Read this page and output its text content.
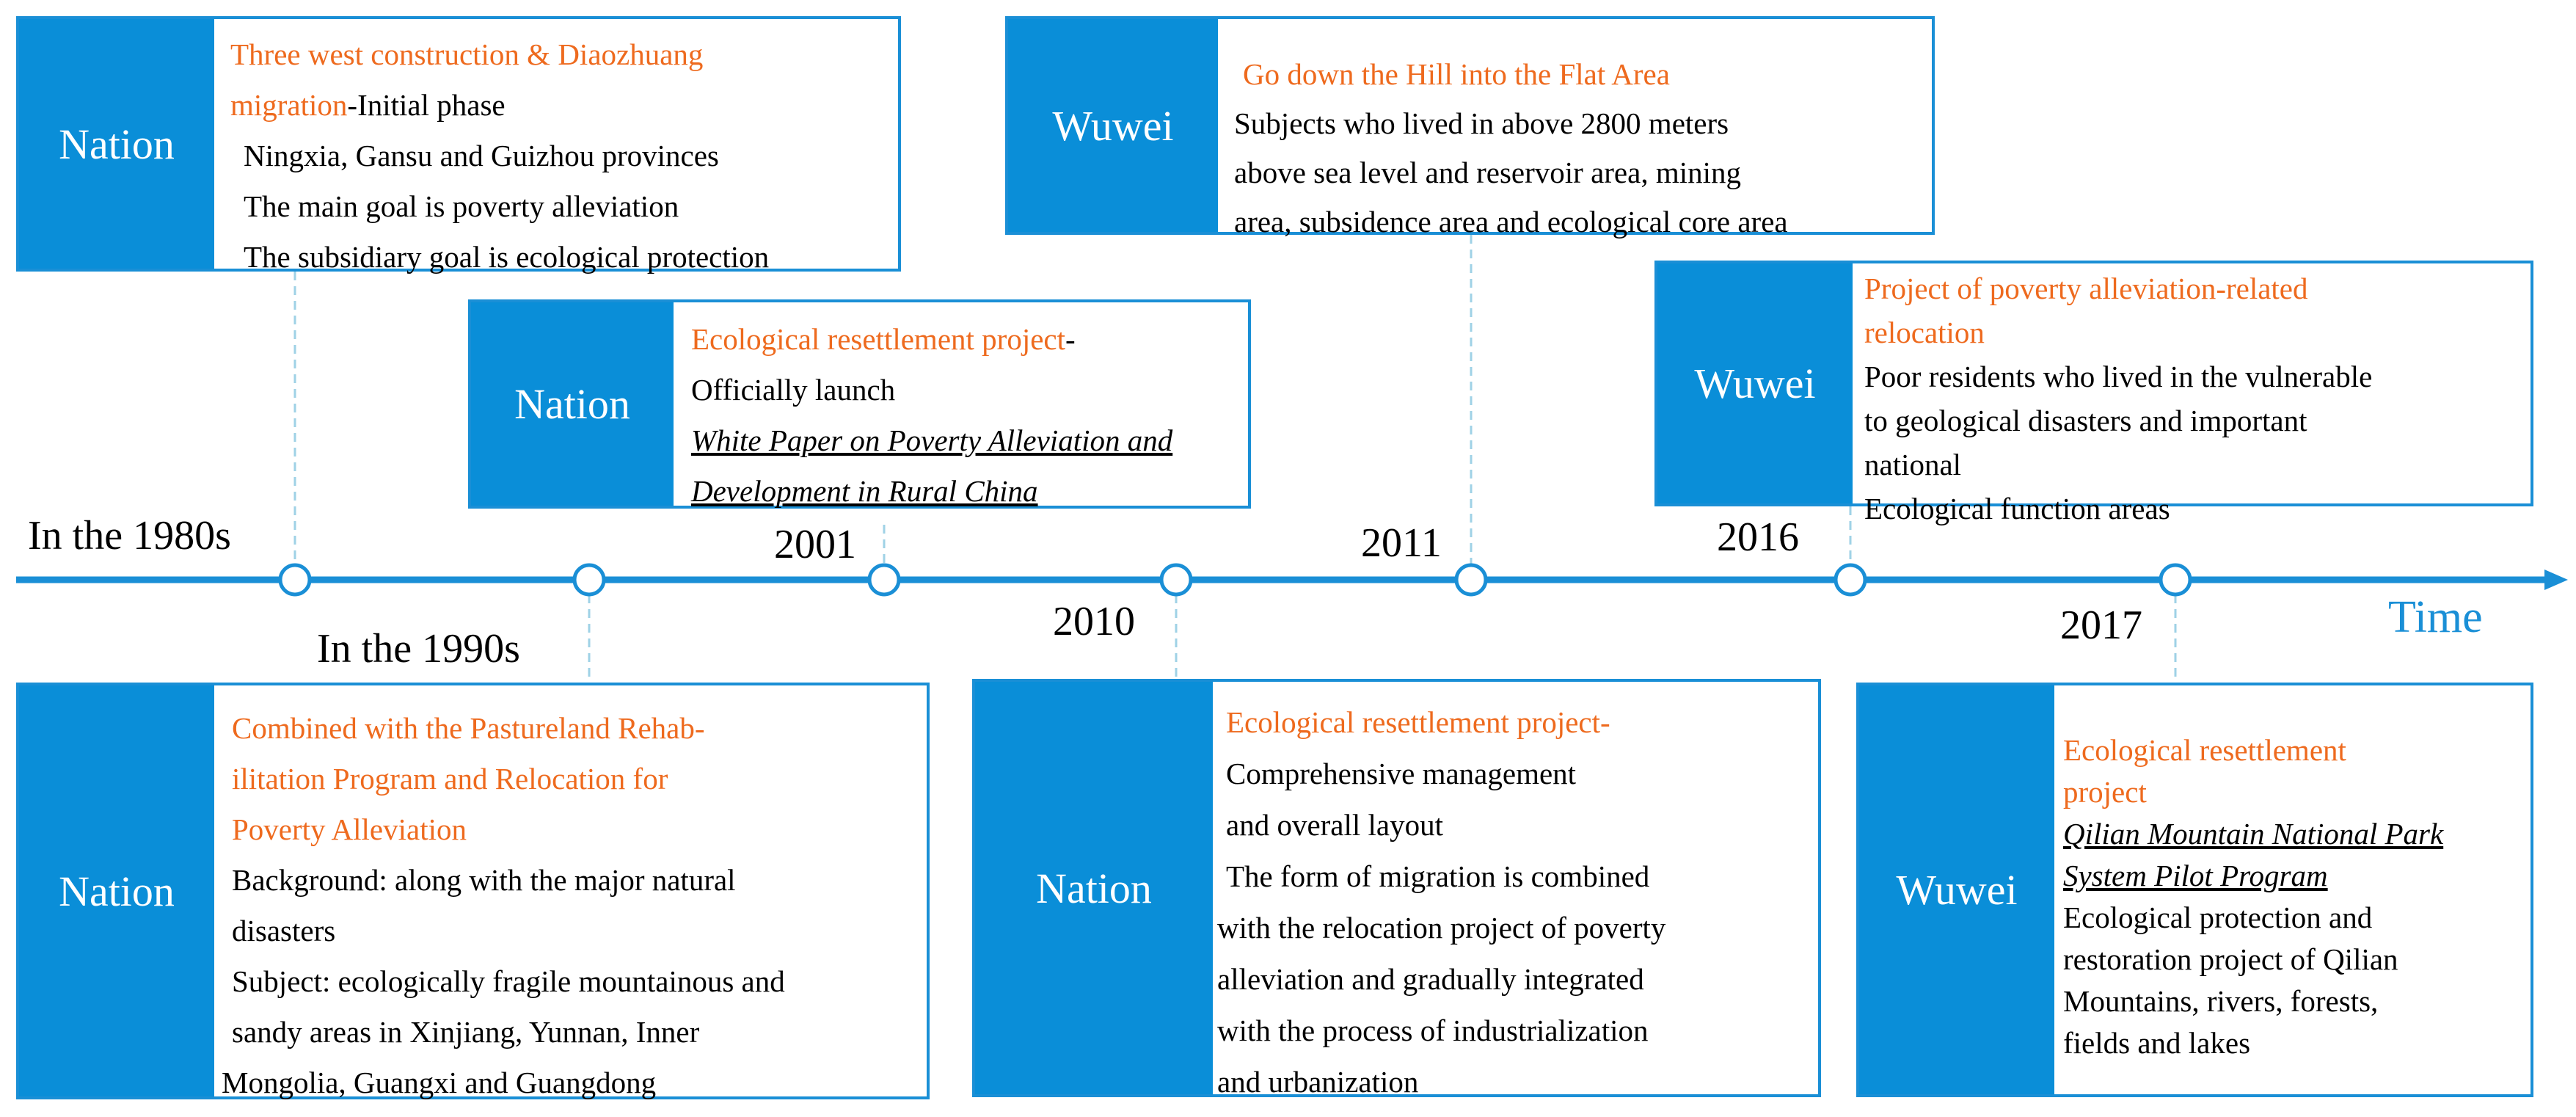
Time
In the 1980s
In the 1990s
2001
2010
2011	2016
2017
Nation
Three west construction & Diaozhuang
migration-Initial phase
Ningxia, Gansu and Guizhou provinces
The main goal is poverty alleviation
The subsidiary goal is ecological protection
Nation
Ecological resettlement project-
Officially launch
White Paper on Poverty Alleviation and
Development in Rural China
Wuwei
Go down the Hill into the Flat Area
Subjects who lived in above 2800 meters
above sea level and reservoir area, mining
area, subsidence area and ecological core area
Wuwei
Project of poverty alleviation-related
relocation
Poor residents who lived in the vulnerable
to geological disasters and important
national
Ecological function areas
Nation
Combined with the Pastureland Rehab-
ilitation Program and Relocation for
Poverty Alleviation
Background: along with the major natural
disasters
Subject: ecologically fragile mountainous and
sandy areas in Xinjiang, Yunnan, Inner
Mongolia, Guangxi and Guangdong
Nation
Ecological resettlement project-
Comprehensive management
and overall layout
The form of migration is combined
with the relocation project of poverty
alleviation and gradually integrated
with the process of industrialization
and urbanization
Wuwei
Ecological resettlement
project
Qilian Mountain National Park
System Pilot Program
Ecological protection and
restoration project of Qilian
Mountains, rivers, forests,
fields and lakes
